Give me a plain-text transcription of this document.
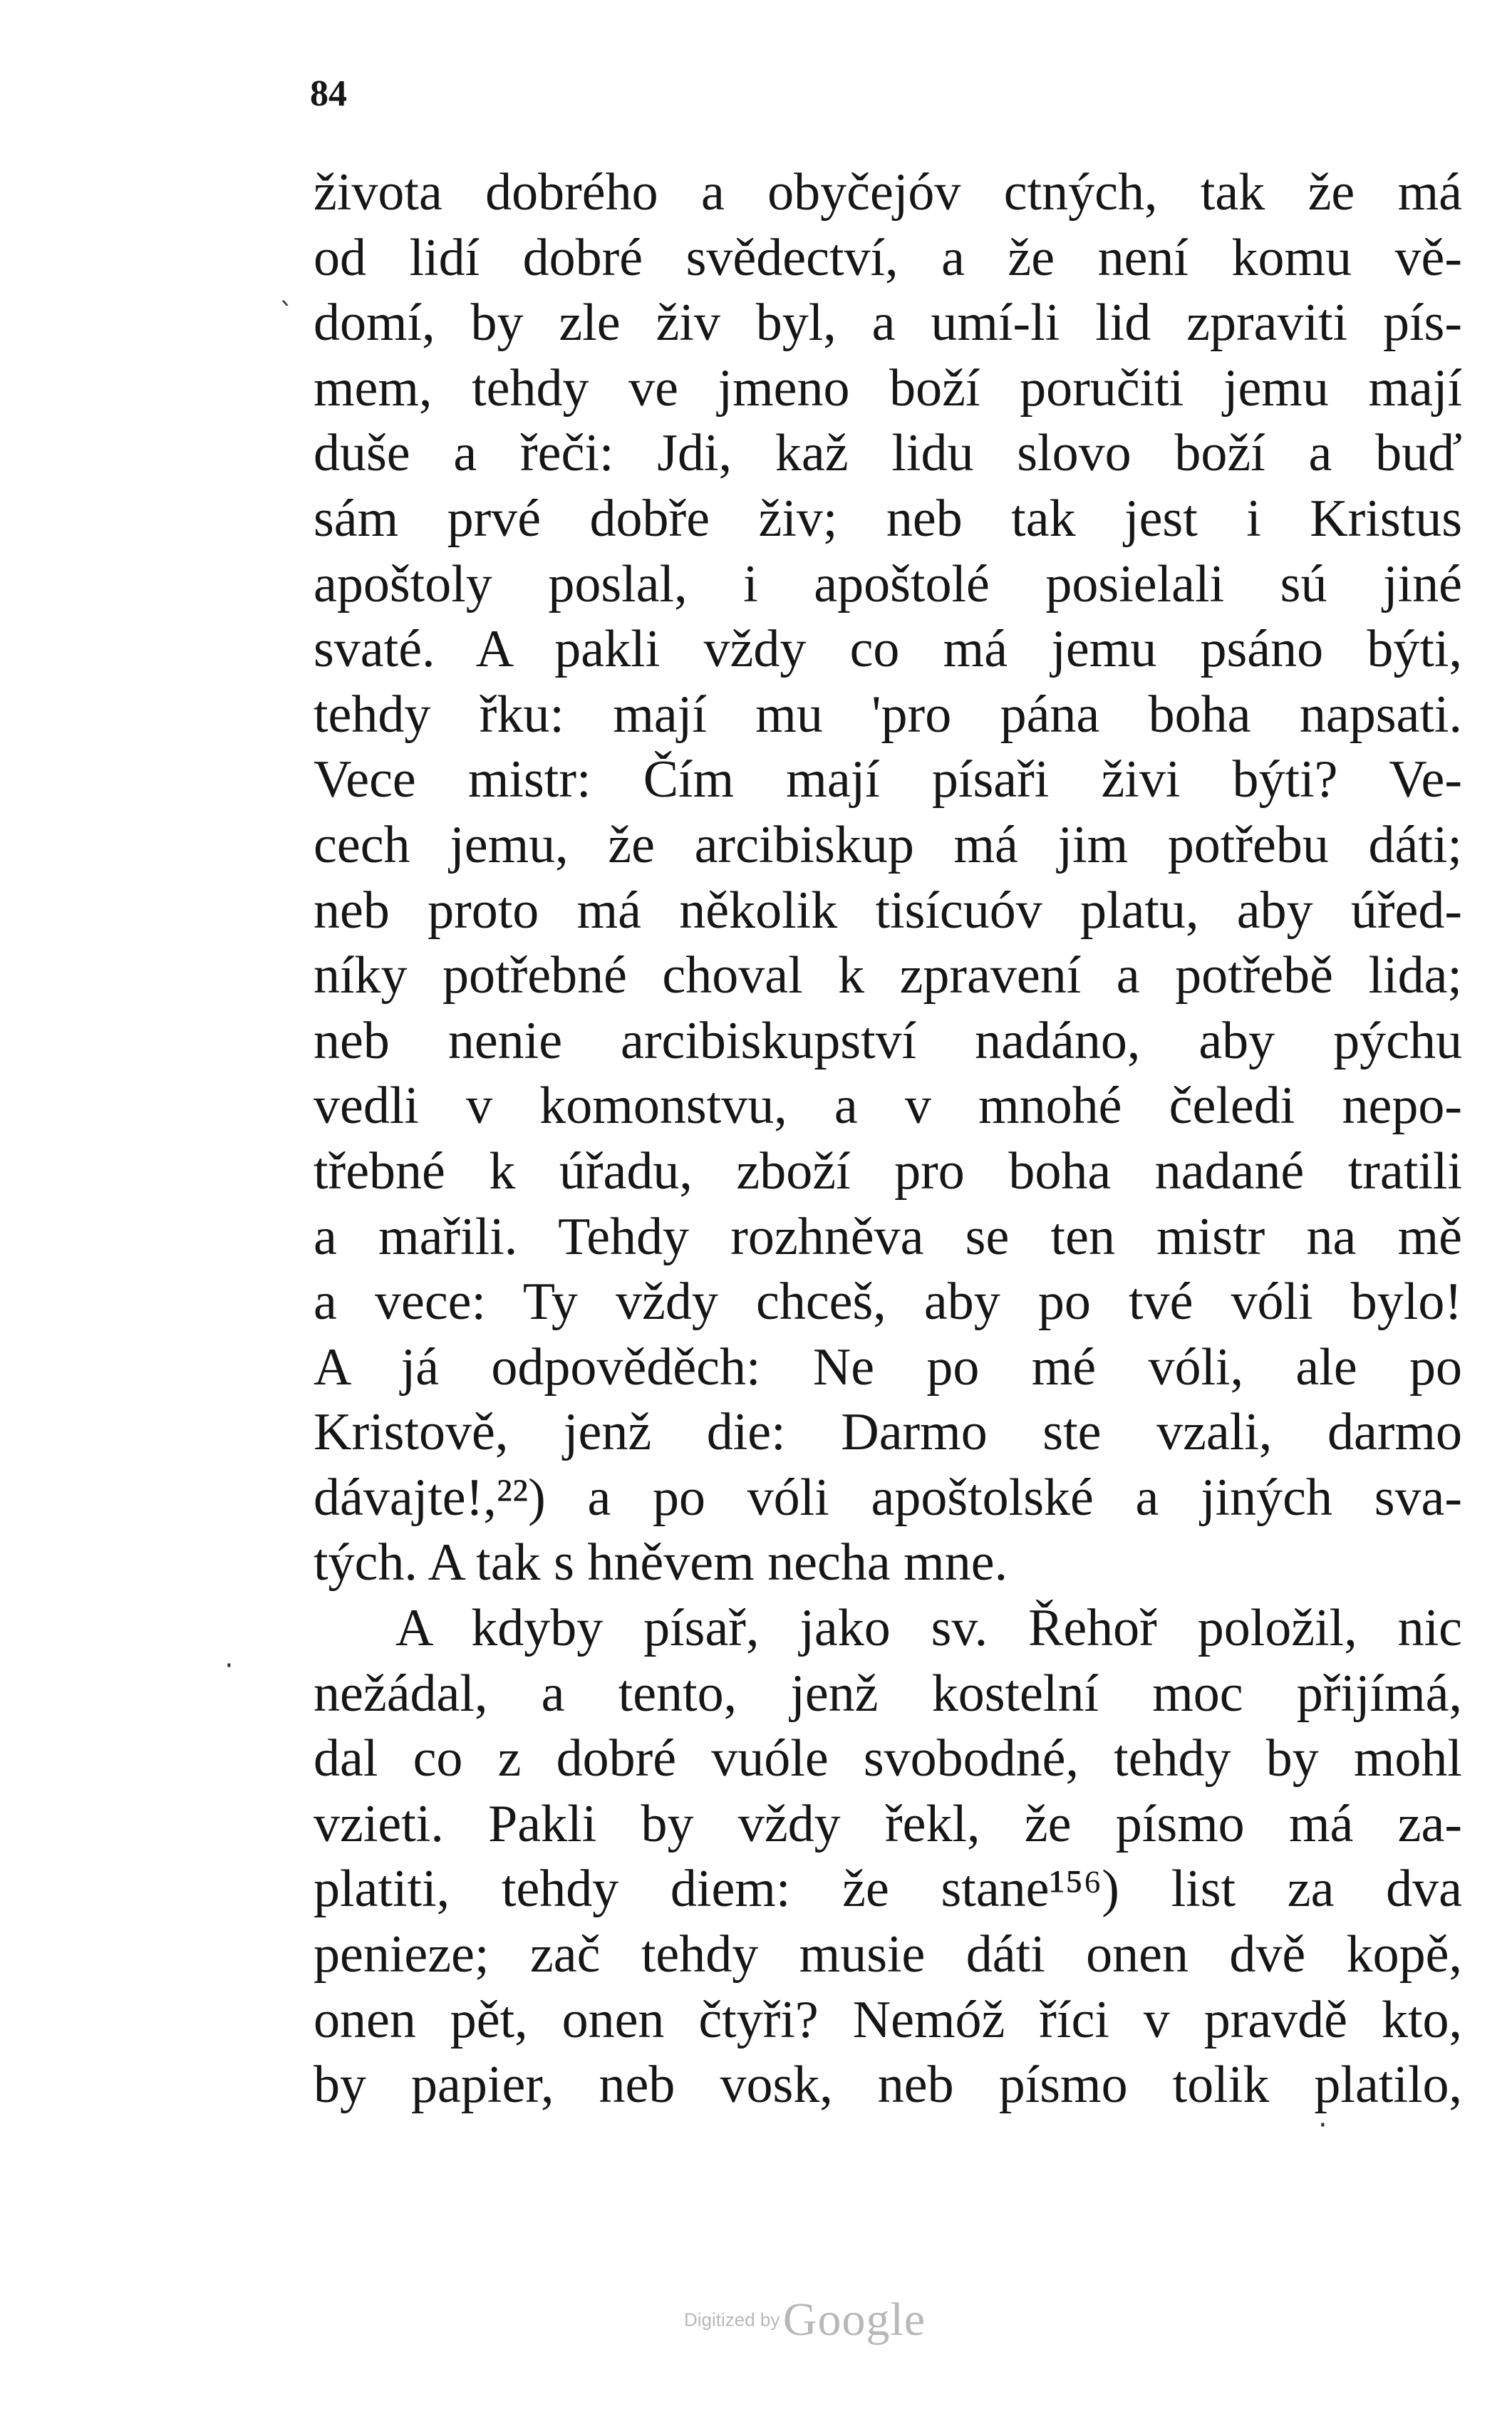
84
života dobrého a obyčejóv ctných, tak že má
od lidí dobré svědectví, a že není komu vě-
domí, by zle živ byl, a umí-li lid zpraviti pís-
mem, tehdy ve jmeno boží poručiti jemu mají
duše a řeči: Jdi, kaž lidu slovo boží a buď
sám prvé dobře živ; neb tak jest i Kristus
apoštoly poslal, i apoštolé posielali sú jiné
svaté. A pakli vždy co má jemu psáno býti,
tehdy řku: mají mu 'pro pána boha napsati.
Vece mistr: Čím mají písaři živi býti? Ve-
cech jemu, že arcibiskup má jim potřebu dáti;
neb proto má několik tisícuóv platu, aby úřed-
níky potřebné choval k zpravení a potřebě lida;
neb nenie arcibiskupství nadáno, aby pýchu
vedli v komonstvu, a v mnohé čeledi nepo-
třebné k úřadu, zboží pro boha nadané tratili
a mařili. Tehdy rozhněva se ten mistr na mě
a vece: Ty vždy chceš, aby po tvé vóli bylo!
A já odpověděch: Ne po mé vóli, ale po
Kristově, jenž die: Darmo ste vzali, darmo
dávajte!,²²) a po vóli apoštolské a jiných sva-
tých. A tak s hněvem necha mne.
A kdyby písař, jako sv. Řehoř položil, nic
nežádal, a tento, jenž kostelní moc přijímá,
dal co z dobré vuóle svobodné, tehdy by mohl
vzieti. Pakli by vždy řekl, že písmo má za-
platiti, tehdy diem: že stane¹⁵⁶) list za dva
penieze; zač tehdy musie dáti onen dvě kopě,
onen pět, onen čtyři? Nemóž říci v pravdě kto,
by papier, neb vosk, neb písmo tolik platilo,
`
·
·
Digitized by Google
